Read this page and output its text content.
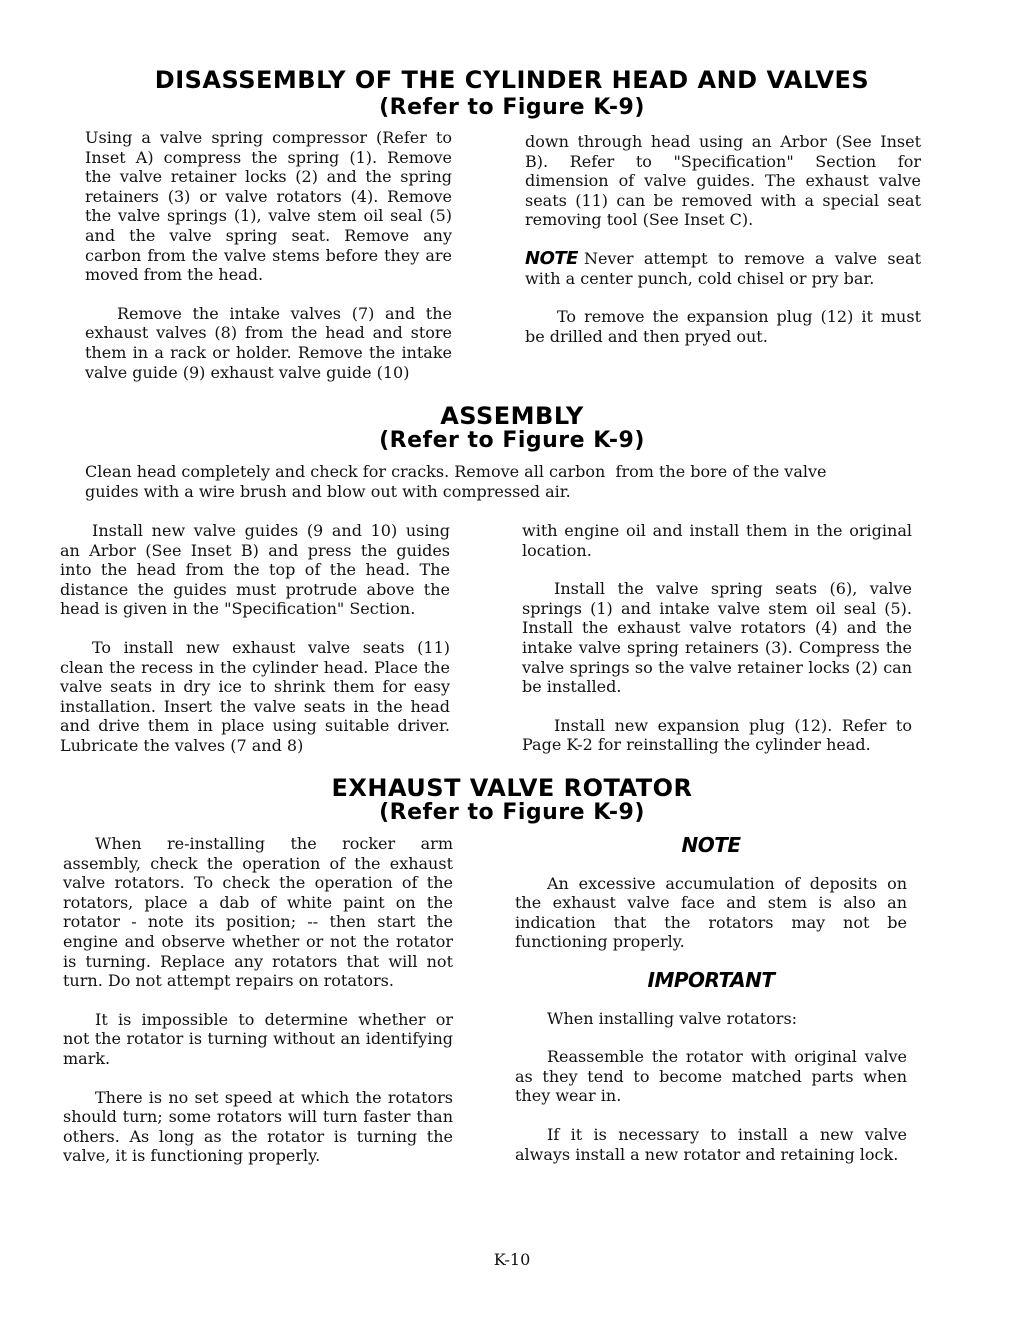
DISASSEMBLY OF THE CYLINDER HEAD AND VALVES
(Refer to Figure K-9)

Using a valve spring compressor (Refer to Inset A) compress the spring (1). Remove the valve retainer locks (2) and the spring retainers (3) or valve rotators (4). Remove the valve springs (1), valve stem oil seal (5) and the valve spring seat. Remove any carbon from the valve stems before they are moved from the head.

Remove the intake valves (7) and the exhaust valves (8) from the head and store them in a rack or holder. Remove the intake valve guide (9) exhaust valve guide (10)

down through head using an Arbor (See Inset B). Refer to "Specification" Section for dimension of valve guides. The exhaust valve seats (11) can be removed with a special seat removing tool (See Inset C).

NOTE Never attempt to remove a valve seat with a center punch, cold chisel or pry bar.

To remove the expansion plug (12) it must be drilled and then pryed out.

ASSEMBLY
(Refer to Figure K-9)
Clean head completely and check for cracks. Remove all carbon  from the bore of the valve
guides with a wire brush and blow out with compressed air.

Install new valve guides (9 and 10) using an Arbor (See Inset B) and press the guides into the head from the top of the head. The distance the guides must protrude above the head is given in the "Specification" Section.

To install new exhaust valve seats (11) clean the recess in the cylinder head. Place the valve seats in dry ice to shrink them for easy installation. Insert the valve seats in the head and drive them in place using suitable driver. Lubricate the valves (7 and 8)

with engine oil and install them in the original location.

Install the valve spring seats (6), valve springs (1) and intake valve stem oil seal (5). Install the exhaust valve rotators (4) and the intake valve spring retainers (3). Compress the valve springs so the valve retainer locks (2) can be installed.

Install new expansion plug (12). Refer to Page K-2 for reinstalling the cylinder head.

EXHAUST VALVE ROTATOR
(Refer to Figure K-9)

When re-installing the rocker arm assembly, check the operation of the exhaust valve rotators. To check the operation of the rotators, place a dab of white paint on the rotator - note its position; -- then start the engine and observe whether or not the rotator is turning. Replace any rotators that will not turn. Do not attempt repairs on rotators.

It is impossible to determine whether or not the rotator is turning without an identifying mark.

There is no set speed at which the rotators should turn; some rotators will turn faster than others. As long as the rotator is turning the valve, it is functioning properly.

NOTE

An excessive accumulation of deposits on the exhaust valve face and stem is also an indication that the rotators may not be functioning properly.

IMPORTANT

When installing valve rotators:

Reassemble the rotator with original valve as they tend to become matched parts when they wear in.

If it is necessary to install a new valve always install a new rotator and retaining lock.

K-10
